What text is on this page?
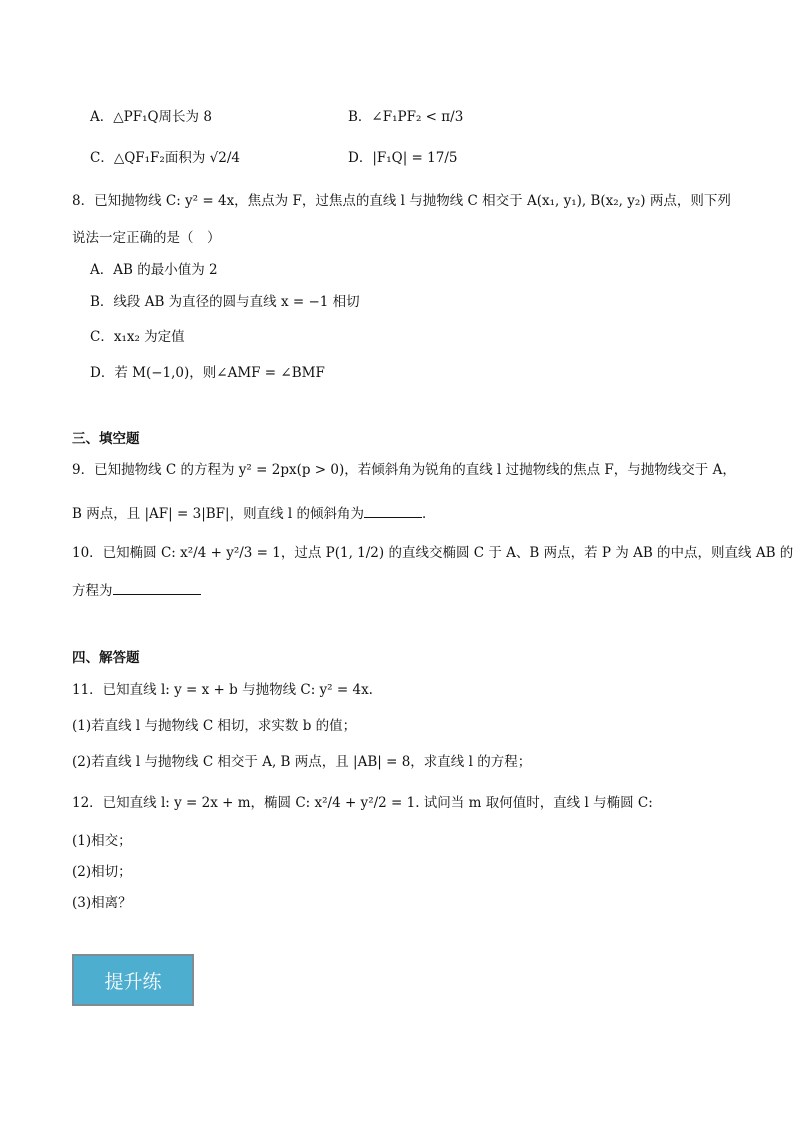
A．△PF₁Q周长为 8	B．∠F₁PF₂ < π/3
C．△QF₁F₂面积为 √2/4	D．|F₁Q| = 17/5
8．已知抛物线 C: y² = 4x，焦点为 F，过焦点的直线 l 与抛物线 C 相交于 A(x₁, y₁), B(x₂, y₂) 两点，则下列
说法一定正确的是（　）
A．AB 的最小值为 2
B．线段 AB 为直径的圆与直线 x = −1 相切
C．x₁x₂ 为定值
D．若 M(−1,0)，则∠AMF = ∠BMF
三、填空题
9．已知抛物线 C 的方程为 y² = 2px(p > 0)，若倾斜角为锐角的直线 l 过抛物线的焦点 F，与抛物线交于 A，
B 两点，且 |AF| = 3|BF|，则直线 l 的倾斜角为	．
10．已知椭圆 C: x²/4 + y²/3 = 1，过点 P(1, 1/2) 的直线交椭圆 C 于 A、B 两点，若 P 为 AB 的中点，则直线 AB 的
方程为
四、解答题
11．已知直线 l: y = x + b 与抛物线 C: y² = 4x.
(1)若直线 l 与抛物线 C 相切，求实数 b 的值；
(2)若直线 l 与抛物线 C 相交于 A, B 两点，且 |AB| = 8，求直线 l 的方程；
12．已知直线 l: y = 2x + m，椭圆 C: x²/4 + y²/2 = 1. 试问当 m 取何值时，直线 l 与椭圆 C:
(1)相交；
(2)相切；
(3)相离？
提升练
